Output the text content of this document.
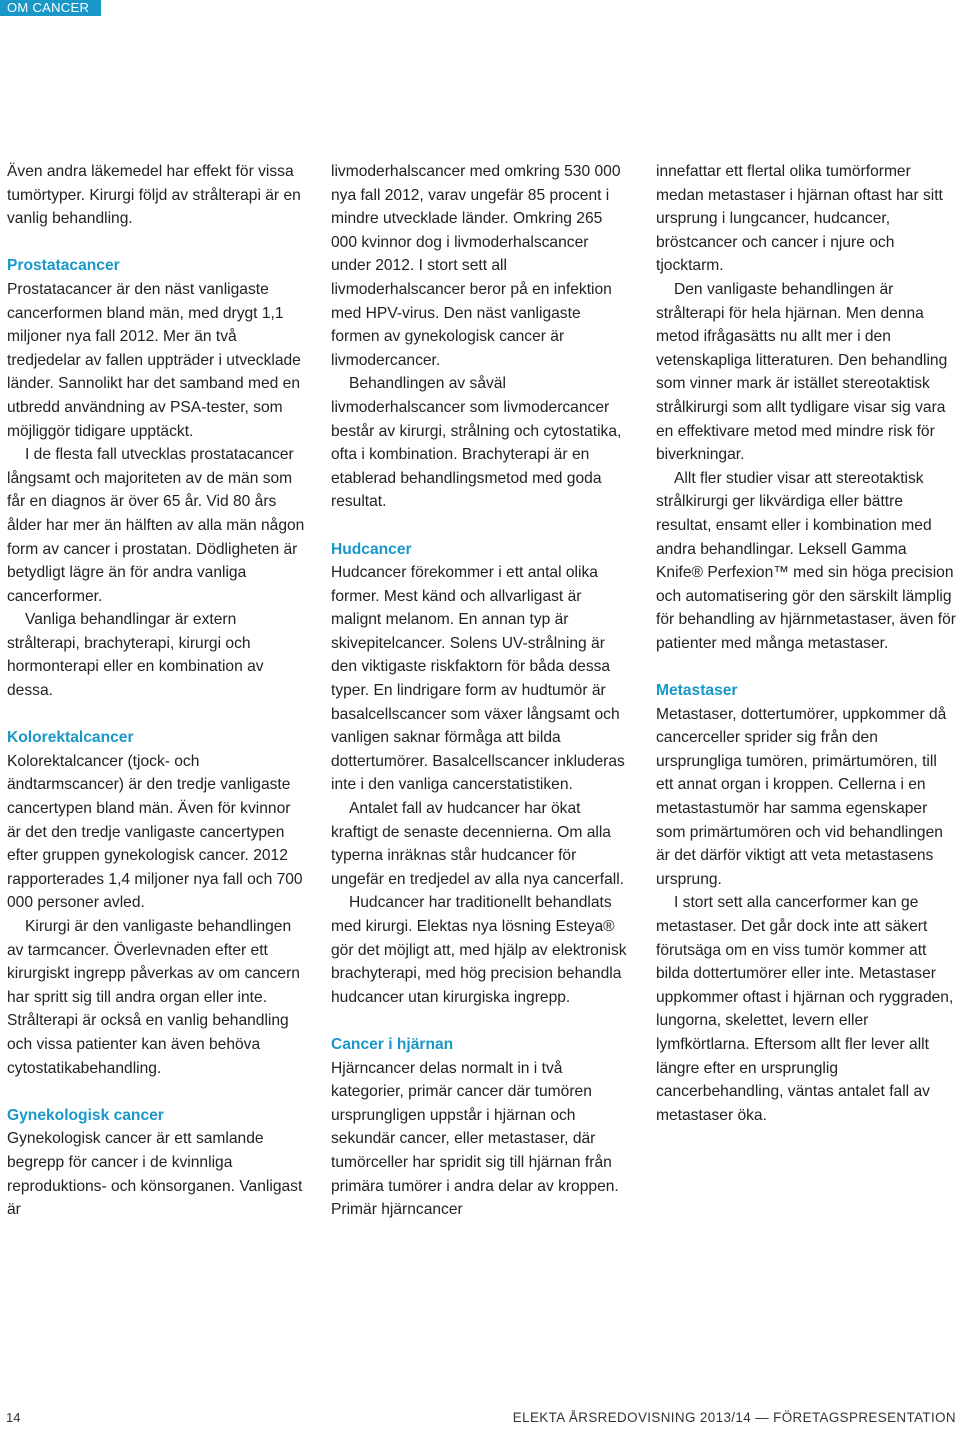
OM CANCER

Även andra läkemedel har effekt för vissa tumörtyper. Kirurgi följd av strålterapi är en vanlig behandling.

Prostatacancer

Prostatacancer är den näst vanligaste cancerformen bland män, med drygt 1,1 miljoner nya fall 2012. Mer än två tredjedelar av fallen uppträder i utvecklade länder. Sannolikt har det samband med en utbredd användning av PSA-tester, som möjliggör tidigare upptäckt.

I de flesta fall utvecklas prostatacancer långsamt och majoriteten av de män som får en diagnos är över 65 år. Vid 80 års ålder har mer än hälften av alla män någon form av cancer i prostatan. Dödligheten är betydligt lägre än för andra vanliga cancerformer.

Vanliga behandlingar är extern strålterapi, brachyterapi, kirurgi och hormonterapi eller en kombination av dessa.

Kolorektalcancer

Kolorektalcancer (tjock- och ändtarmscancer) är den tredje vanligaste cancertypen bland män. Även för kvinnor är det den tredje vanligaste cancertypen efter gruppen gynekologisk cancer. 2012 rapporterades 1,4 miljoner nya fall och 700 000 personer avled.

Kirurgi är den vanligaste behandlingen av tarmcancer. Överlevnaden efter ett kirurgiskt ingrepp påverkas av om cancern har spritt sig till andra organ eller inte. Strålterapi är också en vanlig behandling och vissa patienter kan även behöva cytostatikabehandling.

Gynekologisk cancer

Gynekologisk cancer är ett samlande begrepp för cancer i de kvinnliga reproduktions- och könsorganen. Vanligast är

livmoderhalscancer med omkring 530 000 nya fall 2012, varav ungefär 85 procent i mindre utvecklade länder. Omkring 265 000 kvinnor dog i livmoderhalscancer under 2012. I stort sett all livmoderhalscancer beror på en infektion med HPV-virus. Den näst vanligaste formen av gynekologisk cancer är livmodercancer.

Behandlingen av såväl livmoderhalscancer som livmodercancer består av kirurgi, strålning och cytostatika, ofta i kombination. Brachyterapi är en etablerad behandlingsmetod med goda resultat.

Hudcancer

Hudcancer förekommer i ett antal olika former. Mest känd och allvarligast är malignt melanom. En annan typ är skivepitelcancer. Solens UV-strålning är den viktigaste riskfaktorn för båda dessa typer. En lindrigare form av hudtumör är basalcellscancer som växer långsamt och vanligen saknar förmåga att bilda dottertumörer. Basalcellscancer inkluderas inte i den vanliga cancerstatistiken.

Antalet fall av hudcancer har ökat kraftigt de senaste decennierna. Om alla typerna inräknas står hudcancer för ungefär en tredjedel av alla nya cancerfall.

Hudcancer har traditionellt behandlats med kirurgi. Elektas nya lösning Esteya® gör det möjligt att, med hjälp av elektronisk brachyterapi, med hög precision behandla hudcancer utan kirurgiska ingrepp.

Cancer i hjärnan

Hjärncancer delas normalt in i två kategorier, primär cancer där tumören ursprungligen uppstår i hjärnan och sekundär cancer, eller metastaser, där tumörceller har spridit sig till hjärnan från primära tumörer i andra delar av kroppen. Primär hjärncancer

innefattar ett flertal olika tumörformer medan metastaser i hjärnan oftast har sitt ursprung i lungcancer, hudcancer, bröstcancer och cancer i njure och tjocktarm.

Den vanligaste behandlingen är strålterapi för hela hjärnan. Men denna metod ifrågasätts nu allt mer i den vetenskapliga litteraturen. Den behandling som vinner mark är istället stereotaktisk strålkirurgi som allt tydligare visar sig vara en effektivare metod med mindre risk för biverkningar.

Allt fler studier visar att stereotaktisk strålkirurgi ger likvärdiga eller bättre resultat, ensamt eller i kombination med andra behandlingar. Leksell Gamma Knife® Perfexion™ med sin höga precision och automatisering gör den särskilt lämplig för behandling av hjärnmetastaser, även för patienter med många metastaser.

Metastaser

Metastaser, dottertumörer, uppkommer då cancerceller sprider sig från den ursprungliga tumören, primärtumören, till ett annat organ i kroppen. Cellerna i en metastastumör har samma egenskaper som primärtumören och vid behandlingen är det därför viktigt att veta metastasens ursprung.

I stort sett alla cancerformer kan ge metastaser. Det går dock inte att säkert förutsäga om en viss tumör kommer att bilda dottertumörer eller inte. Metastaser uppkommer oftast i hjärnan och ryggraden, lungorna, skelettet, levern eller lymfkörtlarna. Eftersom allt fler lever allt längre efter en ursprunglig cancerbehandling, väntas antalet fall av metastaser öka.

14	ELEKTA ÅRSREDOVISNING 2013/14 — FÖRETAGSPRESENTATION
